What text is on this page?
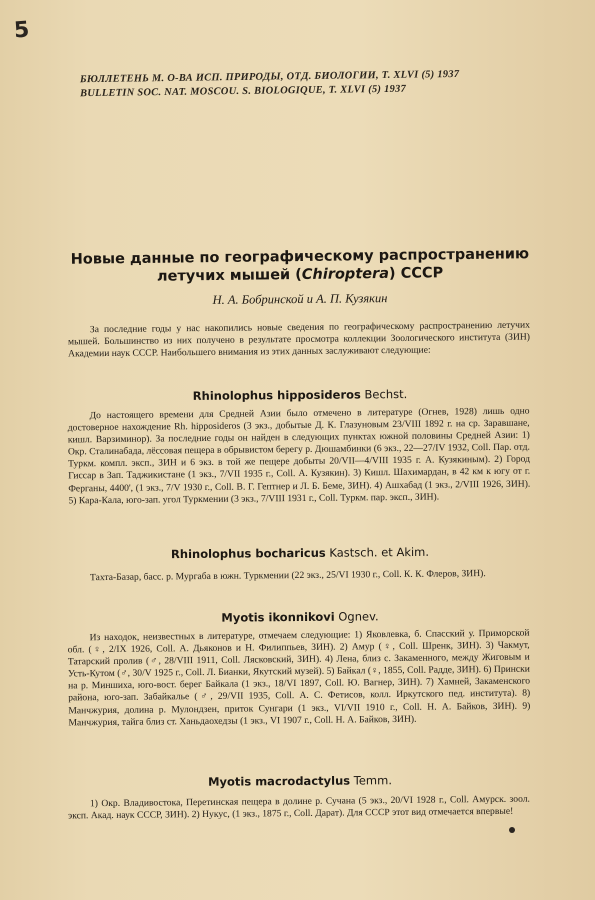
5
БЮЛЛЕТЕНЬ М. О-ВА ИСП. ПРИРОДЫ, ОТД. БИОЛОГИИ, Т. XLVI (5) 1937
BULLETIN SOC. NAT. MOSCOU. S. BIOLOGIQUE, T. XLVI (5) 1937
Новые данные по географическому распространению
летучих мышей (Chiroptera) СССР
Н. А. Бобринской и А. П. Кузякин

За последние годы у нас накопились новые сведения по географическому распространению летучих мышей. Большинство из них получено в результате просмотра коллекции Зоологического института (ЗИН) Академии наук СССР. Наибольшего внимания из этих данных заслуживают следующие:

Rhinolophus hipposideros Bechst.

До настоящего времени для Средней Азии было отмечено в литературе (Огнев, 1928) лишь одно достоверное нахождение Rh. hipposideros (3 экз., добытые Д. К. Глазуновым 23/VIII 1892 г. на ср. Заравшане, кишл. Варзиминор). За последние годы он найден в следующих пунктах южной половины Средней Азии: 1) Окр. Сталинабада, лёссовая пещера в обрывистом берегу р. Дюшамбинки (6 экз., 22—27/IV 1932, Coll. Пар. отд. Туркм. компл. эксп., ЗИН и 6 экз. в той же пещере добыты 20/VII—4/VIII 1935 г. А. Кузякиным). 2) Город Гиссар в Зап. Таджикистане (1 экз., 7/VII 1935 г., Coll. А. Кузякин). 3) Кишл. Шахимардан, в 42 км к югу от г. Ферганы, 4400', (1 экз., 7/V 1930 г., Coll. В. Г. Гептнер и Л. Б. Беме, ЗИН). 4) Ашхабад (1 экз., 2/VIII 1926, ЗИН). 5) Кара-Кала, юго-зап. угол Туркмении (3 экз., 7/VIII 1931 г., Coll. Туркм. пар. эксп., ЗИН).

Rhinolophus bocharicus Kastsch. et Akim.

Тахта-Базар, басс. р. Мургаба в южн. Туркмении (22 экз., 25/VI 1930 г., Coll. К. К. Флеров, ЗИН).

Myotis ikonnikovi Ognev.

Из находок, неизвестных в литературе, отмечаем следующие: 1) Яковлевка, б. Спасский у. Приморской обл. (♀, 2/IX 1926, Coll. А. Дьяконов и Н. Филиппьев, ЗИН). 2) Амур (♀, Coll. Шренк, ЗИН). 3) Чакмут, Татарский пролив (♂, 28/VIII 1911, Coll. Лясковский, ЗИН). 4) Лена, близ с. Закаменного, между Жиговым и Усть-Кутом (♂, 30/V 1925 г., Coll. Л. Бианки, Якутский музей). 5) Байкал (♀, 1855, Coll. Радде, ЗИН). 6) Прински на р. Миншиха, юго-вост. берег Байкала (1 экз., 18/VI 1897, Coll. Ю. Вагнер, ЗИН). 7) Хамней, Закаменского района, юго-зап. Забайкалье (♂, 29/VII 1935, Coll. А. С. Фетисов, колл. Иркутского пед. института). 8) Манчжурия, долина р. Мулондзен, приток Сунгари (1 экз., VI/VII 1910 г., Coll. Н. А. Байков, ЗИН). 9) Манчжурия, тайга близ ст. Ханьдаохедзы (1 экз., VI 1907 г., Coll. Н. А. Байков, ЗИН).

Myotis macrodactylus Temm.

1) Окр. Владивостока, Перетинская пещера в долине р. Сучана (5 экз., 20/VI 1928 г., Coll. Амурск. зоол. эксп. Акад. наук СССР, ЗИН). 2) Нукус, (1 экз., 1875 г., Coll. Дарат). Для СССР этот вид отмечается впервые!
